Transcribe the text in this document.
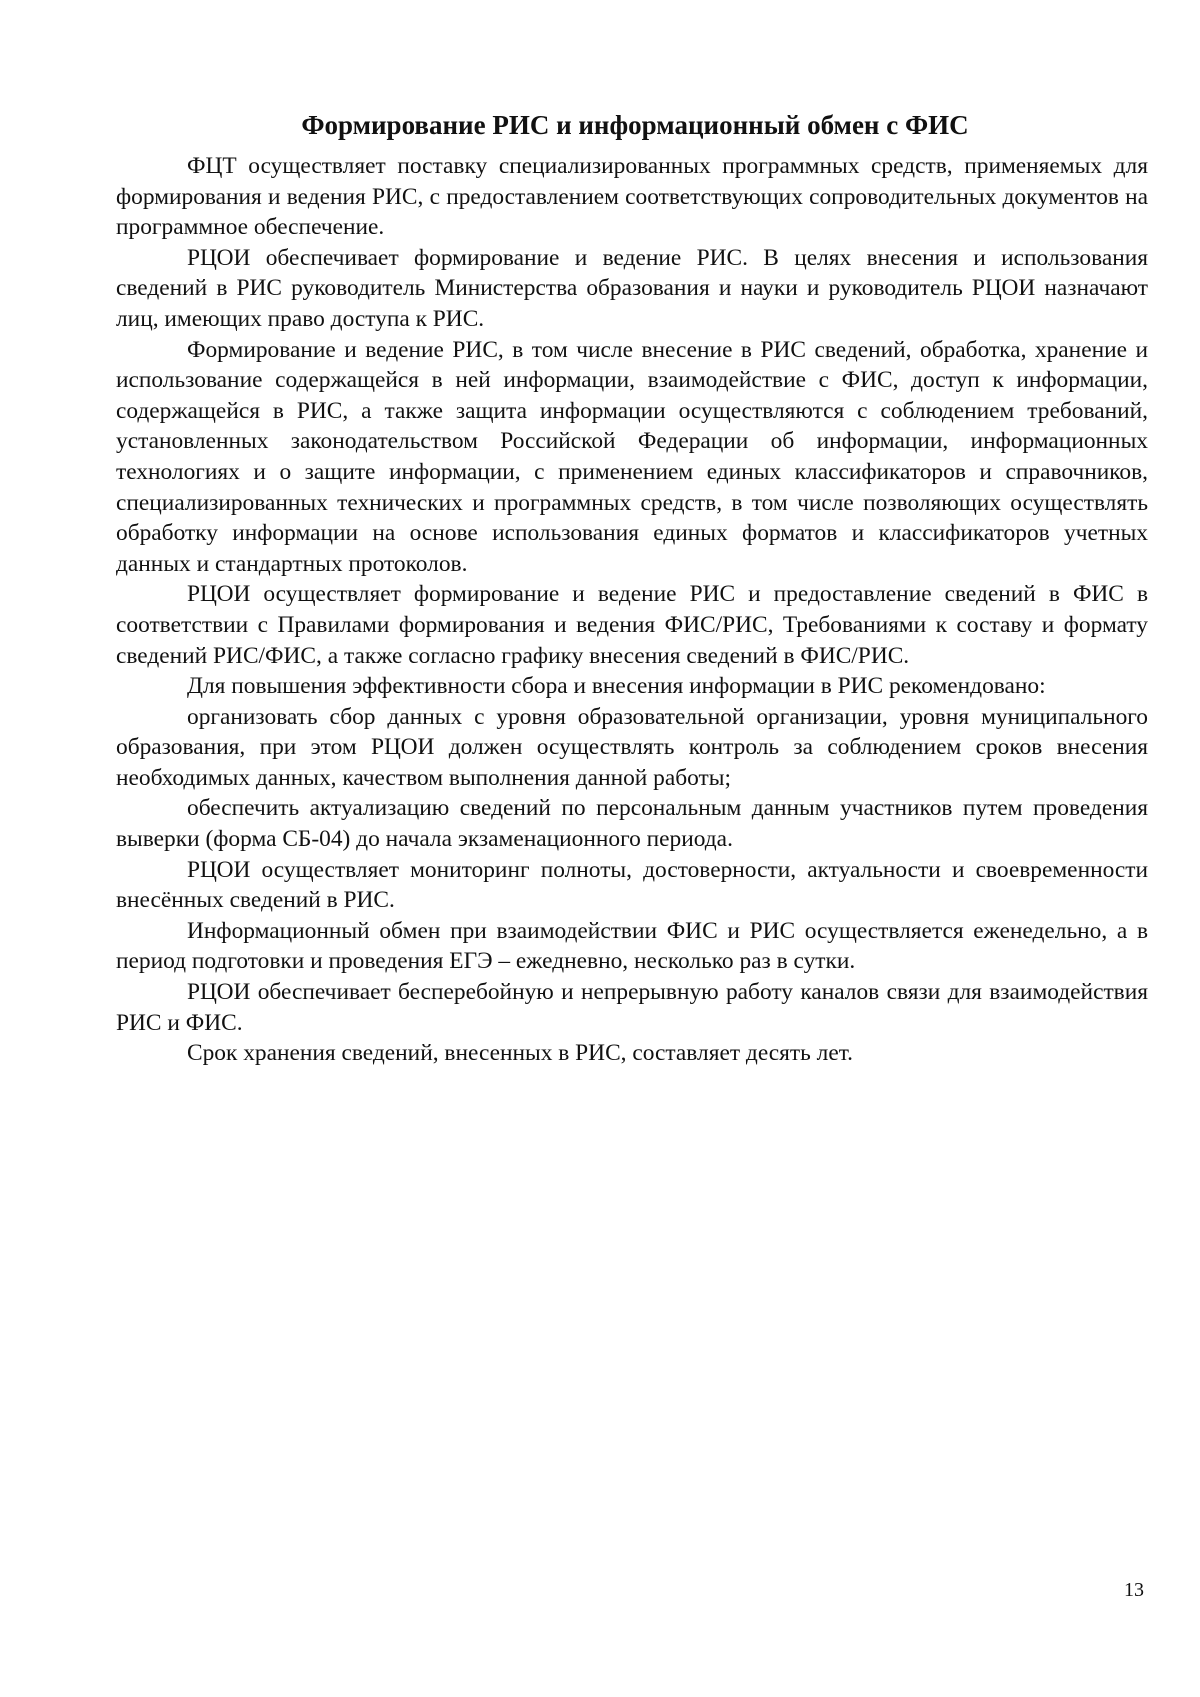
Формирование РИС и информационный обмен с ФИС

ФЦТ осуществляет поставку специализированных программных средств, применяемых для формирования и ведения РИС, с предоставлением соответствующих сопроводительных документов на программное обеспечение.

РЦОИ обеспечивает формирование и ведение РИС. В целях внесения и использования сведений в РИС руководитель Министерства образования и науки и руководитель РЦОИ назначают лиц, имеющих право доступа к РИС.

Формирование и ведение РИС, в том числе внесение в РИС сведений, обработка, хранение и использование содержащейся в ней информации, взаимодействие с ФИС, доступ к информации, содержащейся в РИС, а также защита информации осуществляются с соблюдением требований, установленных законодательством Российской Федерации об информации, информационных технологиях и о защите информации, с применением единых классификаторов и справочников, специализированных технических и программных средств, в том числе позволяющих осуществлять обработку информации на основе использования единых форматов и классификаторов учетных данных и стандартных протоколов.

РЦОИ осуществляет формирование и ведение РИС и предоставление сведений в ФИС в соответствии с Правилами формирования и ведения ФИС/РИС, Требованиями к составу и формату сведений РИС/ФИС, а также согласно графику внесения сведений в ФИС/РИС.

Для повышения эффективности сбора и внесения информации в РИС рекомендовано:

организовать сбор данных с уровня образовательной организации, уровня муниципального образования, при этом РЦОИ должен осуществлять контроль за соблюдением сроков внесения необходимых данных, качеством выполнения данной работы;

обеспечить актуализацию сведений по персональным данным участников путем проведения выверки (форма СБ-04) до начала экзаменационного периода.

РЦОИ осуществляет мониторинг полноты, достоверности, актуальности и своевременности внесённых сведений в РИС.

Информационный обмен при взаимодействии ФИС и РИС осуществляется еженедельно, а в период подготовки и проведения ЕГЭ – ежедневно, несколько раз в сутки.

РЦОИ обеспечивает бесперебойную и непрерывную работу каналов связи для взаимодействия РИС и ФИС.

Срок хранения сведений, внесенных в РИС, составляет десять лет.

13
